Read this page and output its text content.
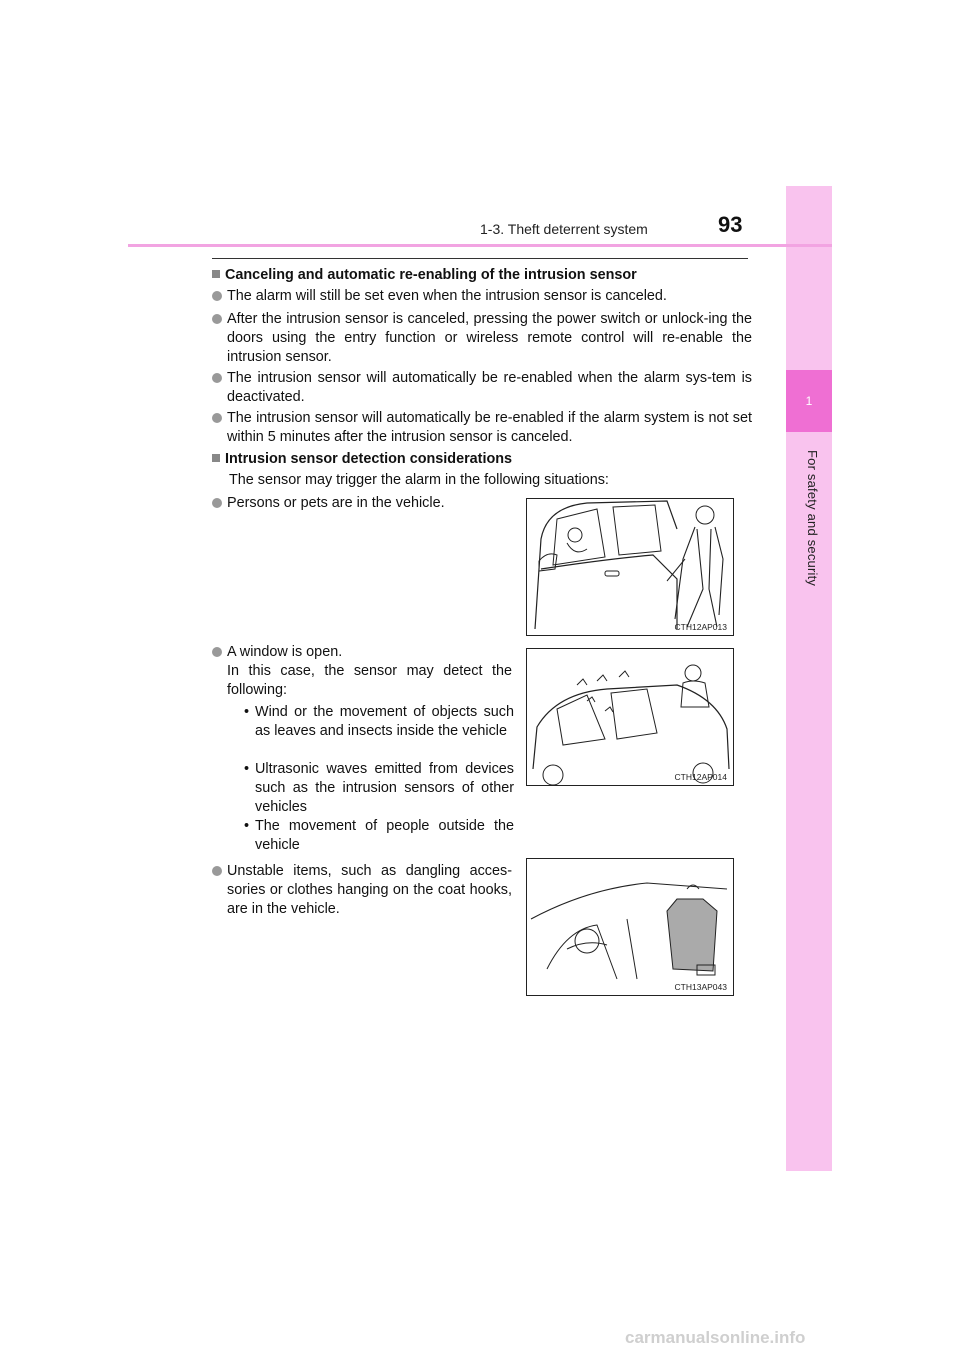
1
For safety and security
1-3. Theft deterrent system	93
Canceling and automatic re-enabling of the intrusion sensor
The alarm will still be set even when the intrusion sensor is canceled.
After the intrusion sensor is canceled, pressing the power switch or unlock-ing the doors using the entry function or wireless remote control will re-enable the intrusion sensor.
The intrusion sensor will automatically be re-enabled when the alarm sys-tem is deactivated.
The intrusion sensor will automatically be re-enabled if the alarm system is not set within 5 minutes after the intrusion sensor is canceled.
Intrusion sensor detection considerations
The sensor may trigger the alarm in the following situations:
Persons or pets are in the vehicle.
CTH12AP013
A window is open.
In this case, the sensor may detect the following:
• Wind or the movement of objects such as leaves and insects inside the vehicle
• Ultrasonic waves emitted from devices such as the intrusion sensors of other vehicles
• The movement of people outside the vehicle
CTH12AP014
Unstable items, such as dangling acces-sories or clothes hanging on the coat hooks, are in the vehicle.
CTH13AP043
carmanualsonline.info
